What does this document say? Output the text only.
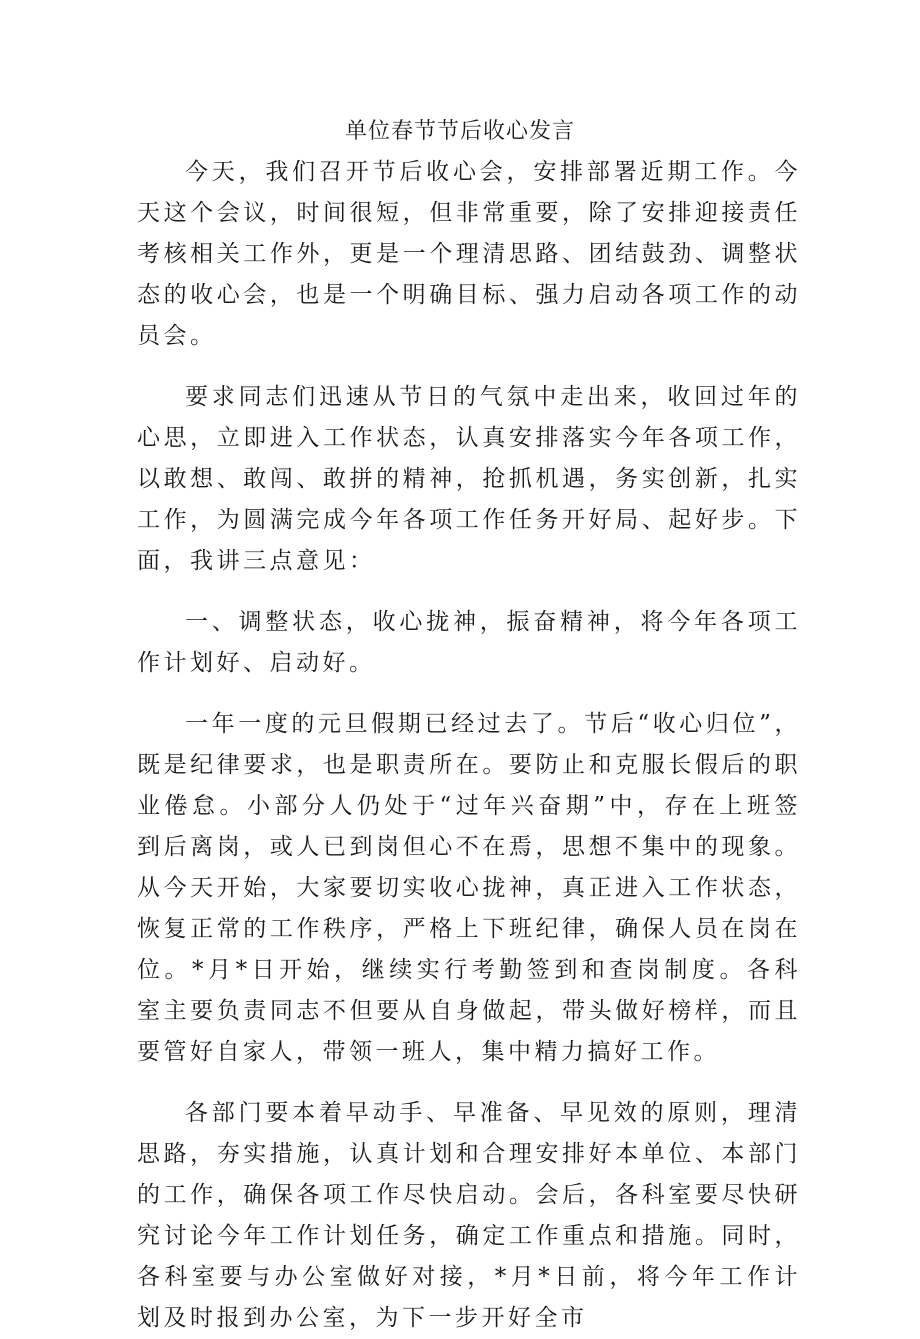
单位春节节后收心发言

今天，我们召开节后收心会，安排部署近期工作。今天这个会议，时间很短，但非常重要，除了安排迎接责任考核相关工作外，更是一个理清思路、团结鼓劲、调整状态的收心会，也是一个明确目标、强力启动各项工作的动员会。

要求同志们迅速从节日的气氛中走出来，收回过年的心思，立即进入工作状态，认真安排落实今年各项工作，以敢想、敢闯、敢拼的精神，抢抓机遇，务实创新，扎实工作，为圆满完成今年各项工作任务开好局、起好步。下面，我讲三点意见：

一、调整状态，收心拢神，振奋精神，将今年各项工作计划好、启动好。

一年一度的元旦假期已经过去了。节后“收心归位”，既是纪律要求，也是职责所在。要防止和克服长假后的职业倦怠。小部分人仍处于“过年兴奋期”中，存在上班签到后离岗，或人已到岗但心不在焉，思想不集中的现象。从今天开始，大家要切实收心拢神，真正进入工作状态，恢复正常的工作秩序，严格上下班纪律，确保人员在岗在位。*月*日开始，继续实行考勤签到和查岗制度。各科室主要负责同志不但要从自身做起，带头做好榜样，而且要管好自家人，带领一班人，集中精力搞好工作。

各部门要本着早动手、早准备、早见效的原则，理清思路，夯实措施，认真计划和合理安排好本单位、本部门的工作，确保各项工作尽快启动。会后，各科室要尽快研究讨论今年工作计划任务，确定工作重点和措施。同时，各科室要与办公室做好对接，*月*日前，将今年工作计划及时报到办公室，为下一步开好全市
